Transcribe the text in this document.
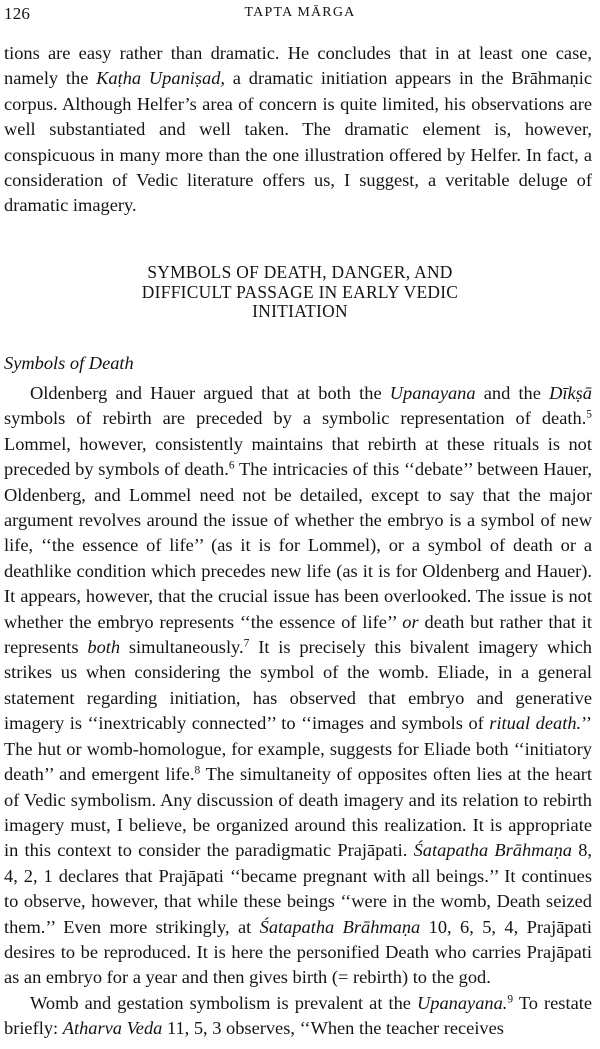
126	TAPTA MĀRGA

tions are easy rather than dramatic. He concludes that in at least one case, namely the Kaṭha Upaniṣad, a dramatic initiation appears in the Brāhmaṇic corpus. Although Helfer’s area of concern is quite limited, his observations are well substantiated and well taken. The dramatic element is, however, conspicuous in many more than the one illustration offered by Helfer. In fact, a consideration of Vedic literature offers us, I suggest, a veritable deluge of dramatic imagery.

SYMBOLS OF DEATH, DANGER, AND
DIFFICULT PASSAGE IN EARLY VEDIC
INITIATION
Symbols of Death

Oldenberg and Hauer argued that at both the Upanayana and the Dīkṣā symbols of rebirth are preceded by a symbolic representation of death.$^5$ Lommel, however, consistently maintains that rebirth at these rituals is not preceded by symbols of death.$^6$ The intricacies of this ‘‘debate’’ between Hauer, Oldenberg, and Lommel need not be detailed, except to say that the major argument revolves around the issue of whether the embryo is a symbol of new life, ‘‘the essence of life’’ (as it is for Lommel), or a symbol of death or a deathlike condition which precedes new life (as it is for Oldenberg and Hauer). It appears, however, that the crucial issue has been overlooked. The issue is not whether the embryo represents ‘‘the essence of life’’ or death but rather that it represents both simultaneously.$^7$ It is precisely this bivalent imagery which strikes us when considering the symbol of the womb. Eliade, in a general statement regarding initiation, has observed that embryo and generative imagery is ‘‘inextricably connected’’ to ‘‘images and symbols of ritual death.’’ The hut or womb-homologue, for example, suggests for Eliade both ‘‘initiatory death’’ and emergent life.$^8$ The simultaneity of opposites often lies at the heart of Vedic symbolism. Any discussion of death imagery and its relation to rebirth imagery must, I believe, be organized around this realization. It is appropriate in this context to consider the paradigmatic Prajāpati. Śatapatha Brāhmaṇa 8, 4, 2, 1 declares that Prajāpati ‘‘became pregnant with all beings.’’ It continues to observe, however, that while these beings ‘‘were in the womb, Death seized them.’’ Even more strikingly, at Śatapatha Brāhmaṇa 10, 6, 5, 4, Prajāpati desires to be reproduced. It is here the personified Death who carries Prajāpati as an embryo for a year and then gives birth (= rebirth) to the god.

Womb and gestation symbolism is prevalent at the Upanayana.$^9$ To restate briefly: Atharva Veda 11, 5, 3 observes, ‘‘When the teacher receives
